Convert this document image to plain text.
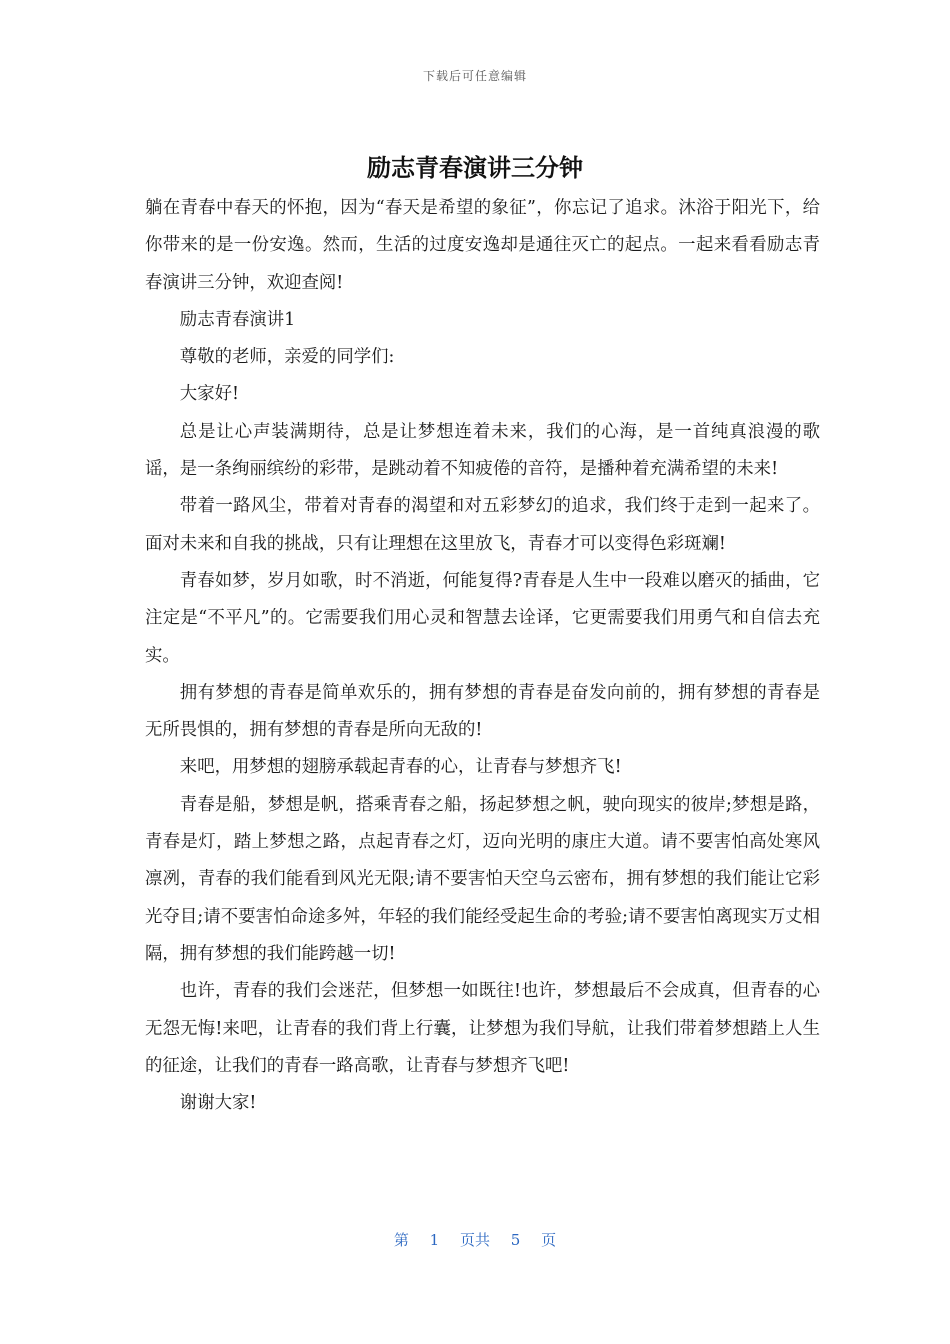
下载后可任意编辑
励志青春演讲三分钟

躺在青春中春天的怀抱，因为“春天是希望的象征”，你忘记了追求。沐浴于阳光下，给你带来的是一份安逸。然而，生活的过度安逸却是通往灭亡的起点。一起来看看励志青春演讲三分钟，欢迎查阅!

励志青春演讲1

尊敬的老师，亲爱的同学们:

大家好!

总是让心声装满期待，总是让梦想连着未来，我们的心海，是一首纯真浪漫的歌谣，是一条绚丽缤纷的彩带，是跳动着不知疲倦的音符，是播种着充满希望的未来!

带着一路风尘，带着对青春的渴望和对五彩梦幻的追求，我们终于走到一起来了。面对未来和自我的挑战，只有让理想在这里放飞，青春才可以变得色彩斑斓!

青春如梦，岁月如歌，时不消逝，何能复得?青春是人生中一段难以磨灭的插曲，它注定是“不平凡”的。它需要我们用心灵和智慧去诠译，它更需要我们用勇气和自信去充实。

拥有梦想的青春是简单欢乐的，拥有梦想的青春是奋发向前的，拥有梦想的青春是无所畏惧的，拥有梦想的青春是所向无敌的!

来吧，用梦想的翅膀承载起青春的心，让青春与梦想齐飞!

青春是船，梦想是帆，搭乘青春之船，扬起梦想之帆，驶向现实的彼岸;梦想是路，青春是灯，踏上梦想之路，点起青春之灯，迈向光明的康庄大道。请不要害怕高处寒风凛冽，青春的我们能看到风光无限;请不要害怕天空乌云密布，拥有梦想的我们能让它彩光夺目;请不要害怕命途多舛，年轻的我们能经受起生命的考验;请不要害怕离现实万丈相隔，拥有梦想的我们能跨越一切!

也许，青春的我们会迷茫，但梦想一如既往!也许，梦想最后不会成真，但青春的心无怨无悔!来吧，让青春的我们背上行囊，让梦想为我们导航，让我们带着梦想踏上人生的征途，让我们的青春一路高歌，让青春与梦想齐飞吧!

谢谢大家!

第 1 页共 5 页
